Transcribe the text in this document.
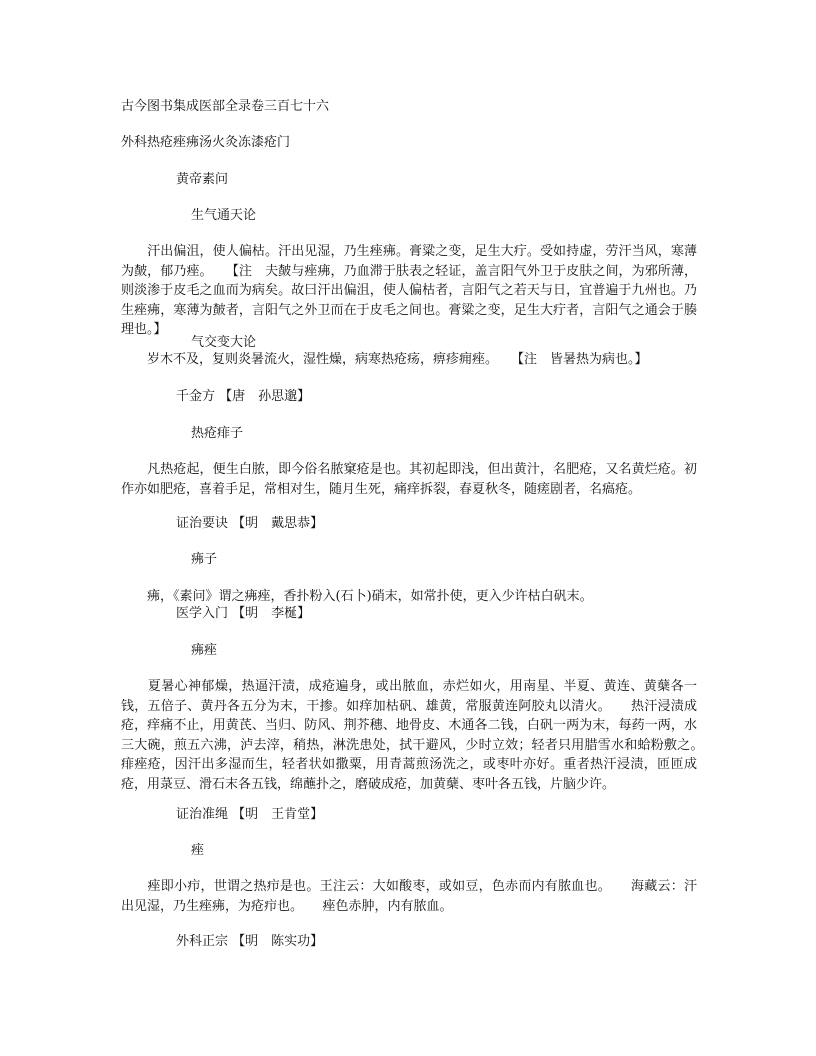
古今图书集成医部全录卷三百七十六

外科热疮痤疿汤火灸冻漆疮门

黄帝素问

生气通天论

　　汗出偏沮，使人偏枯。汗出见湿，乃生痤疿。膏粱之变，足生大疔。受如持虚，劳汗当风，寒薄为皶，郁乃痤。　　【注　夫皶与痤疿，乃血滞于肤表之轻证，盖言阳气外卫于皮肤之间，为邪所薄，则淡渗于皮毛之血而为病矣。故曰汗出偏沮，使人偏枯者，言阳气之若天与日，宜普遍于九州也。乃生痤疿，寒薄为皶者，言阳气之外卫而在于皮毛之间也。膏粱之变，足生大疔者，言阳气之通会于腠理也。】

气交变大论

　　岁木不及，复则炎暑流火，湿性燥，病寒热疮疡，痹疹痈痤。　　【注　皆暑热为病也。】

千金方 【唐　孙思邈】

热疮痱子

　　凡热疮起，便生白脓，即今俗名脓窠疮是也。其初起即浅，但出黄汁，名肥疮，又名黄烂疮。初作亦如肥疮，喜着手足，常相对生，随月生死，痛痒拆裂，春夏秋冬，随瘥剧者，名瘑疮。

证治要诀 【明　戴思恭】

疿子

　　疿，《素问》谓之疿痤，香扑粉入(石卜)硝末，如常扑使，更入少许枯白矾末。

医学入门 【明　李梴】

疿痤

　　夏暑心神郁燥，热逼汗渍，成疮遍身，或出脓血，赤烂如火，用南星、半夏、黄连、黄蘖各一钱，五倍子、黄丹各五分为末，干掺。如痒加枯矾、雄黄，常服黄连阿胶丸以清火。　　热汗浸渍成疮，痒痛不止，用黄芪、当归、防风、荆芥穗、地骨皮、木通各二钱，白矾一两为末，每药一两，水三大碗，煎五六沸，泸去滓，稍热，淋洗患处，拭干避风，少时立效；轻者只用腊雪水和蛤粉敷之。　　痱痤疮，因汗出多湿而生，轻者状如撒粟，用青蒿煎汤洗之，或枣叶亦好。重者热汗浸渍，匝匝成疮，用菉豆、滑石末各五钱，绵蘸扑之，磨破成疮，加黄蘖、枣叶各五钱，片脑少许。

证治准绳 【明　王肯堂】

痤

　　痤即小疖，世谓之热疖是也。王注云：大如酸枣，或如豆，色赤而内有脓血也。　　海藏云：汗出见湿，乃生痤疿，为疮疖也。　　痤色赤肿，内有脓血。

外科正宗 【明　陈实功】
